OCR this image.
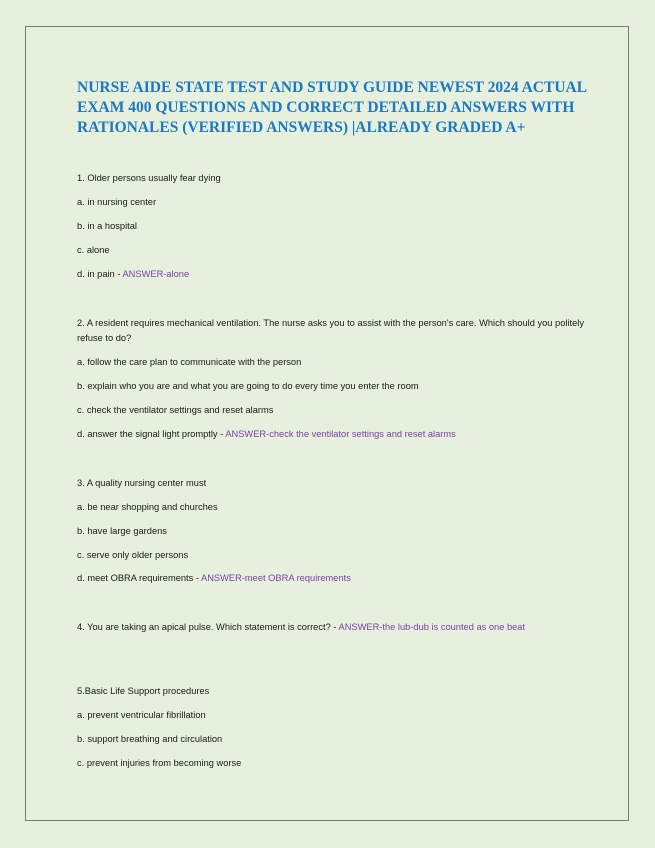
NURSE AIDE STATE TEST AND STUDY GUIDE NEWEST 2024 ACTUAL EXAM 400 QUESTIONS AND CORRECT DETAILED ANSWERS WITH RATIONALES (VERIFIED ANSWERS) |ALREADY GRADED A+
1. Older persons usually fear dying
a. in nursing center
b. in a hospital
c. alone
d. in pain - ANSWER-alone
2. A resident requires mechanical ventilation. The nurse asks you to assist with the person's care. Which should you politely refuse to do?
a. follow the care plan to communicate with the person
b. explain who you are and what you are going to do every time you enter the room
c. check the ventilator settings and reset alarms
d. answer the signal light promptly - ANSWER-check the ventilator settings and reset alarms
3. A quality nursing center must
a. be near shopping and churches
b. have large gardens
c. serve only older persons
d. meet OBRA requirements - ANSWER-meet OBRA requirements
4. You are taking an apical pulse. Which statement is correct? - ANSWER-the lub-dub is counted as one beat
5.Basic Life Support procedures
a. prevent ventricular fibrillation
b. support breathing and circulation
c. prevent injuries from becoming worse
